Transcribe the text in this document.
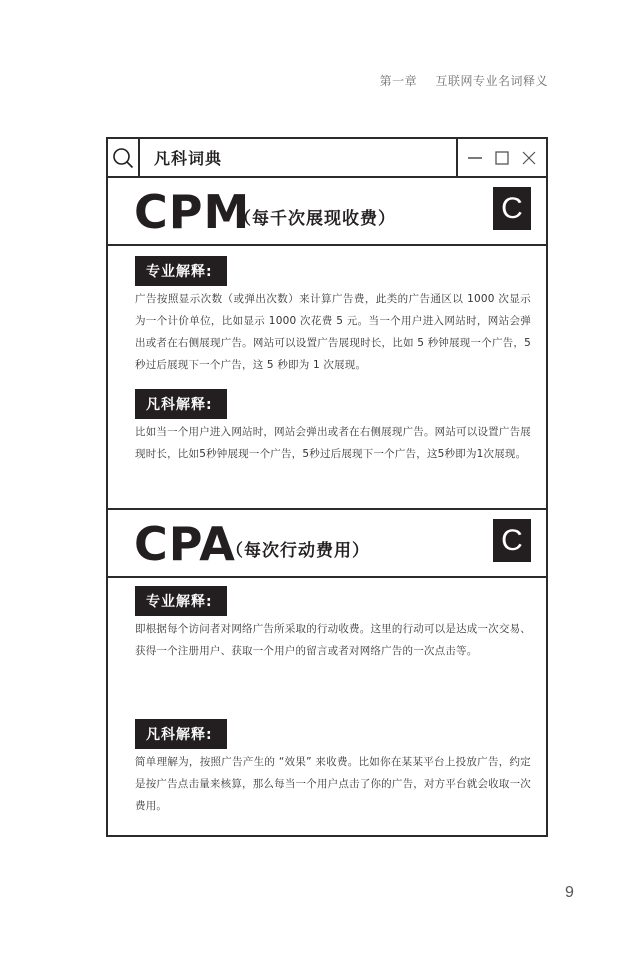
第一章 互联网专业名词释义
凡科词典
CPM
（每千次展现收费）	C
专业解释:
广告按照显示次数（或弹出次数）来计算广告费，此类的广告通区以 1000 次显示为一个计价单位，比如显示 1000 次花费 5 元。当一个用户进入网站时，网站会弹出或者在右侧展现广告。网站可以设置广告展现时长，比如 5 秒钟展现一个广告，5 秒过后展现下一个广告，这 5 秒即为 1 次展现。
凡科解释:
比如当一个用户进入网站时，网站会弹出或者在右侧展现广告。网站可以设置广告展现时长，比如5秒钟展现一个广告，5秒过后展现下一个广告，这5秒即为1次展现。
CPA
（每次行动费用）	C
专业解释:
即根据每个访问者对网络广告所采取的行动收费。这里的行动可以是达成一次交易、获得一个注册用户、获取一个用户的留言或者对网络广告的一次点击等。
凡科解释:
简单理解为，按照广告产生的 “效果” 来收费。比如你在某某平台上投放广告，约定是按广告点击量来核算，那么每当一个用户点击了你的广告，对方平台就会收取一次费用。
9
